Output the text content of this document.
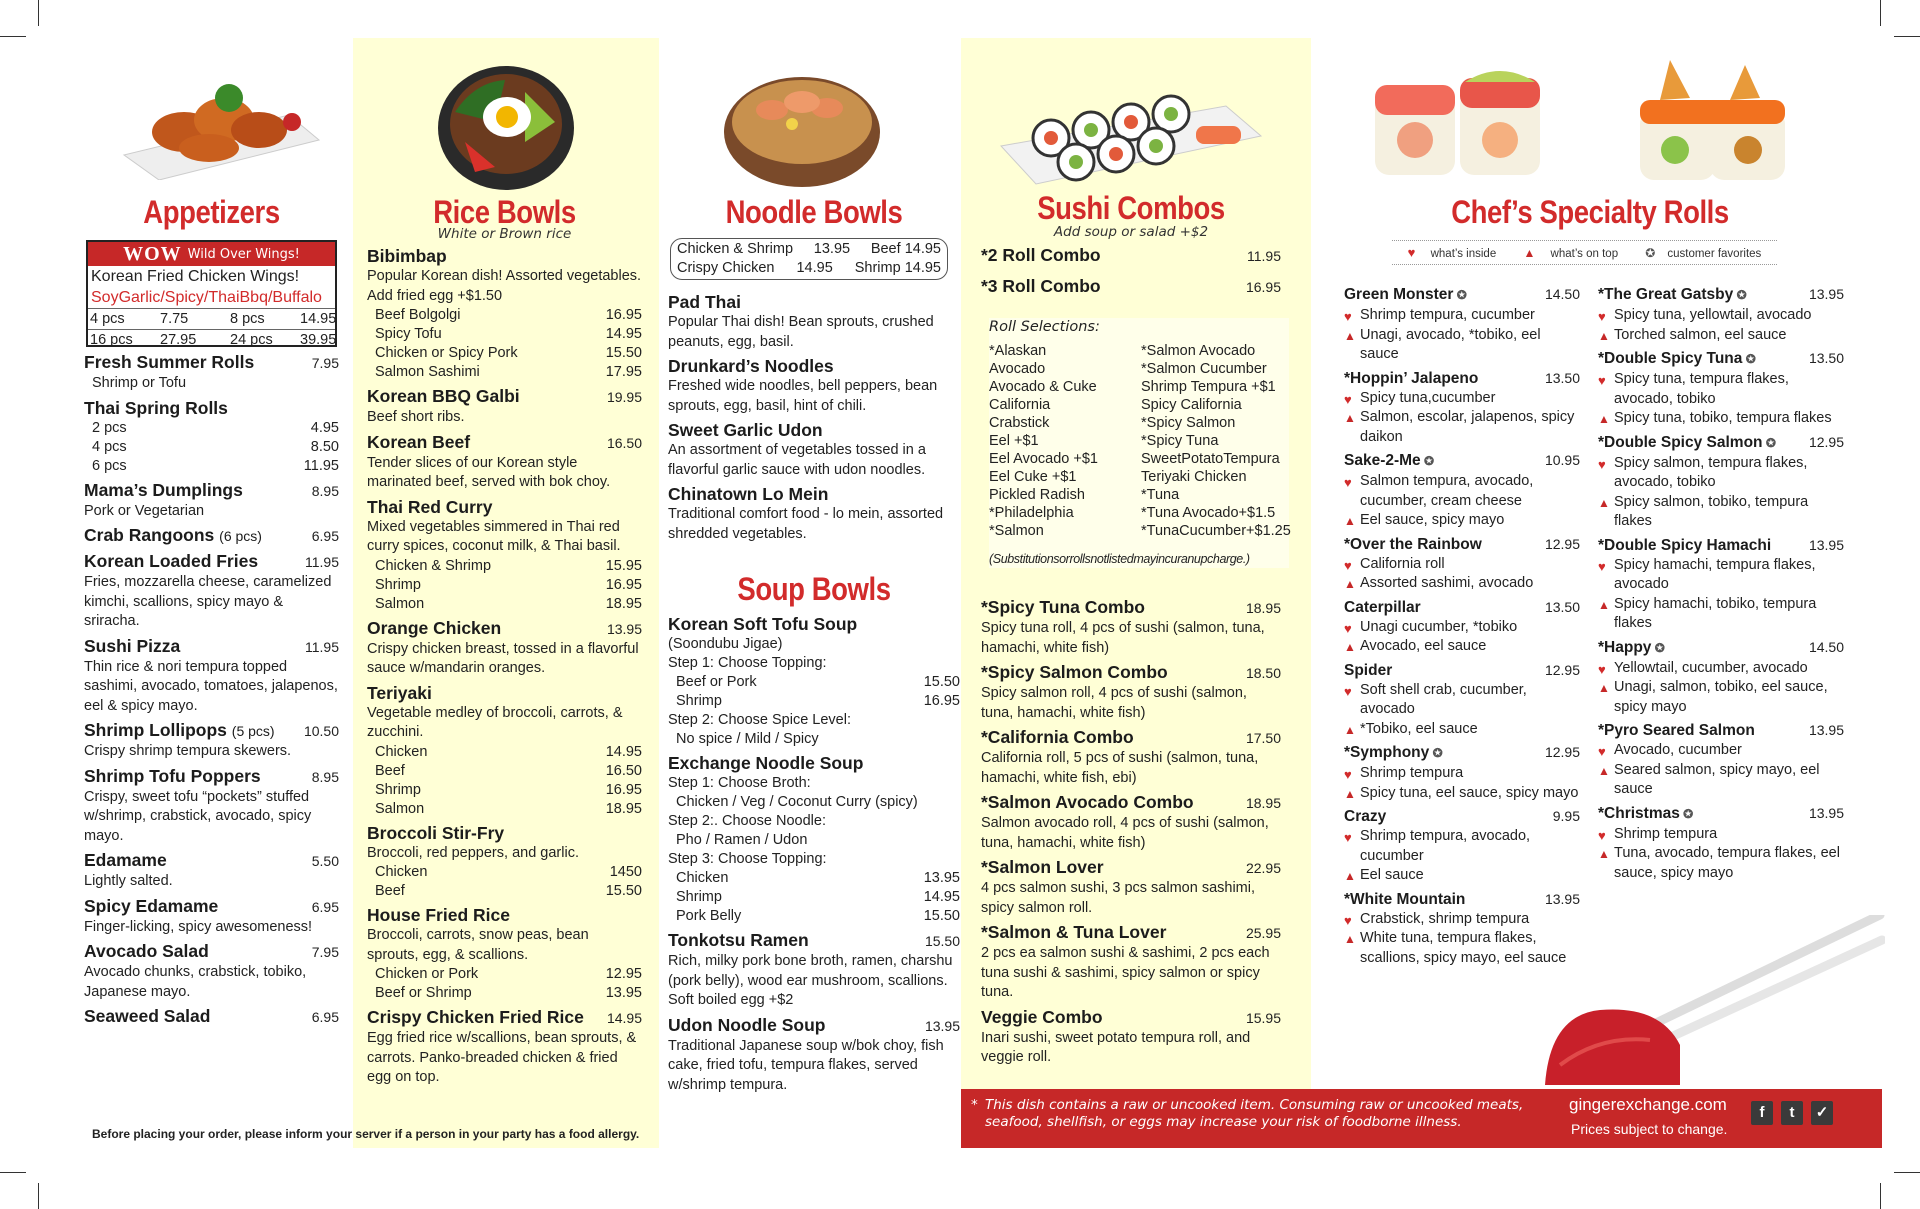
Appetizers
WOW Wild Over Wings!
Korean Fried Chicken Wings!
SoyGarlic/Spicy/ThaiBbq/Buffalo
4 pcs	7.75	8 pcs	14.95
16 pcs	27.95	24 pcs	39.95
Fresh Summer Rolls	7.95
Shrimp or Tofu
Thai Spring Rolls
2 pcs	4.95
4 pcs	8.50
6 pcs	11.95
Mama’s Dumplings	8.95
Pork or Vegetarian
Crab Rangoons (6 pcs)	6.95
Korean Loaded Fries	11.95
Fries, mozzarella cheese, caramelized kimchi, scallions, spicy mayo & sriracha.
Sushi Pizza	11.95
Thin rice & nori tempura topped sashimi, avocado, tomatoes, jalapenos, eel & spicy mayo.
Shrimp Lollipops (5 pcs)	10.50
Crispy shrimp tempura skewers.
Shrimp Tofu Poppers	8.95
Crispy, sweet tofu “pockets” stuffed w/shrimp, crabstick, avocado, spicy mayo.
Edamame	5.50
Lightly salted.
Spicy Edamame	6.95
Finger-licking, spicy awesomeness!
Avocado Salad	7.95
Avocado chunks, crabstick, tobiko, Japanese mayo.
Seaweed Salad	6.95
Before placing your order, please inform your server if a person in your party has a food allergy.
Rice Bowls
White or Brown rice
Bibimbap
Popular Korean dish! Assorted vegetables. Add fried egg +$1.50
Beef Bolgolgi	16.95
Spicy Tofu	14.95
Chicken or Spicy Pork	15.50
Salmon Sashimi	17.95
Korean BBQ Galbi	19.95
Beef short ribs.
Korean Beef	16.50
Tender slices of our Korean style marinated beef, served with bok choy.
Thai Red Curry
Mixed vegetables simmered in Thai red curry spices, coconut milk, & Thai basil.
Chicken & Shrimp	15.95
Shrimp	16.95
Salmon	18.95
Orange Chicken	13.95
Crispy chicken breast, tossed in a flavorful sauce w/mandarin oranges.
Teriyaki
Vegetable medley of broccoli, carrots, & zucchini.
Chicken	14.95
Beef	16.50
Shrimp	16.95
Salmon	18.95
Broccoli Stir-Fry
Broccoli, red peppers, and garlic.
Chicken	1450
Beef	15.50
House Fried Rice
Broccoli, carrots, snow peas, bean sprouts, egg, & scallions.
Chicken or Pork	12.95
Beef or Shrimp	13.95
Crispy Chicken Fried Rice	14.95
Egg fried rice w/scallions, bean sprouts, & carrots. Panko-breaded chicken & fried egg on top.
Noodle Bowls
Chicken & Shrimp 13.95 Beef 14.95
Crispy Chicken 14.95 Shrimp 14.95
Pad Thai
Popular Thai dish! Bean sprouts, crushed peanuts, egg, basil.
Drunkard’s Noodles
Freshed wide noodles, bell peppers, bean sprouts, egg, basil, hint of chili.
Sweet Garlic Udon
An assortment of vegetables tossed in a flavorful garlic sauce with udon noodles.
Chinatown Lo Mein
Traditional comfort food - lo mein, assorted shredded vegetables.
Soup Bowls
Korean Soft Tofu Soup
(Soondubu Jigae)
Step 1: Choose Topping:
Beef or Pork	15.50
Shrimp	16.95
Step 2: Choose Spice Level:
No spice / Mild / Spicy
Exchange Noodle Soup
Step 1: Choose Broth:
Chicken / Veg / Coconut Curry (spicy)
Step 2:. Choose Noodle:
Pho / Ramen / Udon
Step 3: Choose Topping:
Chicken	13.95
Shrimp	14.95
Pork Belly	15.50
Tonkotsu Ramen	15.50
Rich, milky pork bone broth, ramen, charshu (pork belly), wood ear mushroom, scallions. Soft boiled egg +$2
Udon Noodle Soup	13.95
Traditional Japanese soup w/bok choy, fish cake, fried tofu, tempura flakes, served w/shrimp tempura.
Sushi Combos
Add soup or salad +$2
*2 Roll Combo	11.95
*3 Roll Combo	16.95
Roll Selections:
*Alaskan
Avocado
Avocado & Cuke
California
Crabstick
Eel +$1
Eel Avocado +$1
Eel Cuke +$1
Pickled Radish
*Philadelphia
*Salmon
*Salmon Avocado
*Salmon Cucumber
Shrimp Tempura +$1
Spicy California
*Spicy Salmon
*Spicy Tuna
SweetPotatoTempura
Teriyaki Chicken
*Tuna
*Tuna Avocado+$1.5
*TunaCucumber+$1.25
(Substitutionsorrollsnotlistedmayincuranupcharge.)
*Spicy Tuna Combo	18.95
Spicy tuna roll, 4 pcs of sushi (salmon, tuna, hamachi, white fish)
*Spicy Salmon Combo	18.50
Spicy salmon roll, 4 pcs of sushi (salmon, tuna, hamachi, white fish)
*California Combo	17.50
California roll, 5 pcs of sushi (salmon, tuna, hamachi, white fish, ebi)
*Salmon Avocado Combo	18.95
Salmon avocado roll, 4 pcs of sushi (salmon, tuna, hamachi, white fish)
*Salmon Lover	22.95
4 pcs salmon sushi, 3 pcs salmon sashimi, spicy salmon roll.
*Salmon & Tuna Lover	25.95
2 pcs ea salmon sushi & sashimi, 2 pcs each tuna sushi & sashimi, spicy salmon or spicy tuna.
Veggie Combo	15.95
Inari sushi, sweet potato tempura roll, and veggie roll.
Chef’s Specialty Rolls
♥ what’s inside ▲ what’s on top ✪ customer favorites
Green Monster ✪	14.50
♥ Shrimp tempura, cucumber
▲ Unagi, avocado, *tobiko, eel sauce
*Hoppin’ Jalapeno	13.50
♥ Spicy tuna,cucumber
▲ Salmon, escolar, jalapenos, spicy daikon
Sake-2-Me ✪	10.95
♥ Salmon tempura, avocado, cucumber, cream cheese
▲ Eel sauce, spicy mayo
*Over the Rainbow	12.95
♥ California roll
▲ Assorted sashimi, avocado
Caterpillar	13.50
♥ Unagi cucumber, *tobiko
▲ Avocado, eel sauce
Spider	12.95
♥ Soft shell crab, cucumber, avocado
▲ *Tobiko, eel sauce
*Symphony ✪	12.95
♥ Shrimp tempura
▲ Spicy tuna, eel sauce, spicy mayo
Crazy	9.95
♥ Shrimp tempura, avocado, cucumber
▲ Eel sauce
*White Mountain	13.95
♥ Crabstick, shrimp tempura
▲ White tuna, tempura flakes, scallions, spicy mayo, eel sauce
*The Great Gatsby ✪	13.95
♥ Spicy tuna, yellowtail, avocado
▲ Torched salmon, eel sauce
*Double Spicy Tuna ✪	13.50
♥ Spicy tuna, tempura flakes, avocado, tobiko
▲ Spicy tuna, tobiko, tempura flakes
*Double Spicy Salmon ✪	12.95
♥ Spicy salmon, tempura flakes, avocado, tobiko
▲ Spicy salmon, tobiko, tempura flakes
*Double Spicy Hamachi	13.95
♥ Spicy hamachi, tempura flakes, avocado
▲ Spicy hamachi, tobiko, tempura flakes
*Happy ✪	14.50
♥ Yellowtail, cucumber, avocado
▲ Unagi, salmon, tobiko, eel sauce, spicy mayo
*Pyro Seared Salmon	13.95
♥ Avocado, cucumber
▲ Seared salmon, spicy mayo, eel sauce
*Christmas ✪	13.95
♥ Shrimp tempura
▲ Tuna, avocado, tempura flakes, eel sauce, spicy mayo
* This dish contains a raw or uncooked item. Consuming raw or uncooked meats, seafood, shellfish, or eggs may increase your risk of foodborne illness.
gingerexchange.com
Prices subject to change.
f	t	✓
